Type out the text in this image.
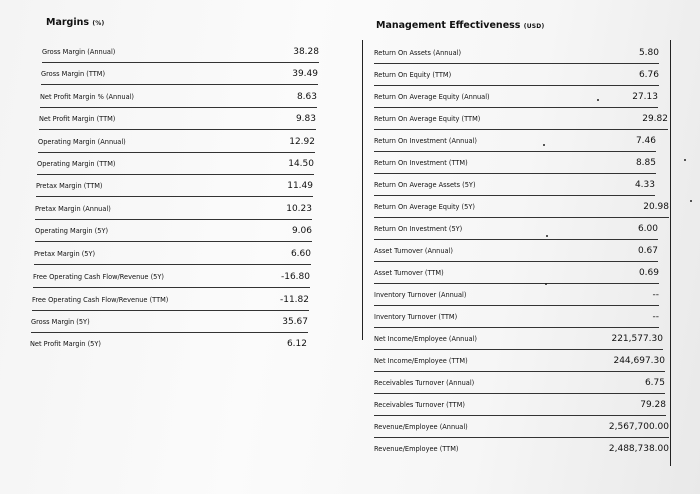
Margins (%)	Management Effectiveness (USD)
Gross Margin (Annual)	38.28
Gross Margin (TTM)	39.49
Net Profit Margin % (Annual)	8.63
Net Profit Margin (TTM)	9.83
Operating Margin (Annual)	12.92
Operating Margin (TTM)	14.50
Pretax Margin (TTM)	11.49
Pretax Margin (Annual)	10.23
Operating Margin (5Y)	9.06
Pretax Margin (5Y)	6.60
Free Operating Cash Flow/Revenue (5Y)	-16.80
Free Operating Cash Flow/Revenue (TTM)	-11.82
Gross Margin (5Y)	35.67
Net Profit Margin (5Y)	6.12
Return On Assets (Annual)	5.80
Return On Equity (TTM)	6.76
Return On Average Equity (Annual)	27.13
Return On Average Equity (TTM)	29.82
Return On Investment (Annual)	7.46
Return On Investment (TTM)	8.85
Return On Average Assets (5Y)	4.33
Return On Average Equity (5Y)	20.98
Return On Investment (5Y)	6.00
Asset Turnover (Annual)	0.67
Asset Turnover (TTM)	0.69
Inventory Turnover (Annual)	--
Inventory Turnover (TTM)	--
Net Income/Employee (Annual)	221,577.30
Net Income/Employee (TTM)	244,697.30
Receivables Turnover (Annual)	6.75
Receivables Turnover (TTM)	79.28
Revenue/Employee (Annual)	2,567,700.00
Revenue/Employee (TTM)	2,488,738.00
